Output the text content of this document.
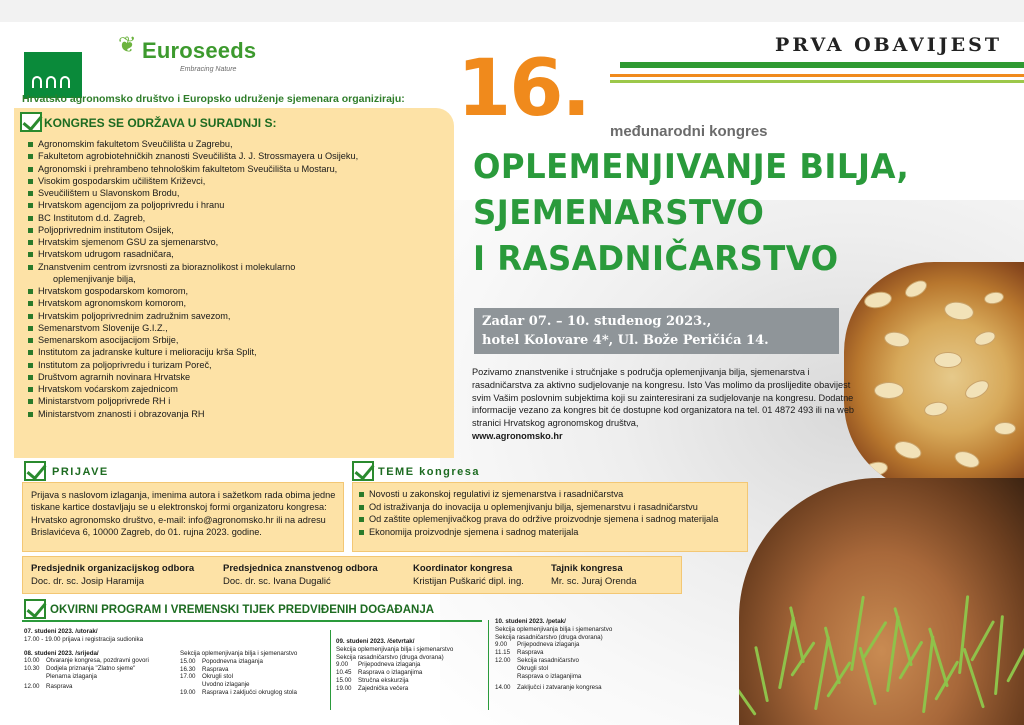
❦ Euroseeds
Embracing Nature
PRVA OBAVIJEST
Hrvatsko agronomsko društvo i Europsko udruženje sjemenara organiziraju:
KONGRES SE ODRŽAVA U SURADNJI S:
Agronomskim fakultetom Sveučilišta u Zagrebu,
Fakultetom agrobiotehničkih znanosti Sveučilišta J. J. Strossmayera u Osijeku,
Agronomski i prehrambeno tehnološkim fakultetom Sveučilišta u Mostaru,
Visokim gospodarskim učilištem Križevci,
Sveučilištem u Slavonskom Brodu,
Hrvatskom agencijom za poljoprivredu i hranu
BC Institutom d.d. Zagreb,
Poljoprivrednim institutom Osijek,
Hrvatskim sjemenom GSU za sjemenarstvo,
Hrvatskom udrugom rasadničara,
Znanstvenim centrom izvrsnosti za bioraznolikost i molekularno
oplemenjivanje bilja,
Hrvatskom gospodarskom komorom,
Hrvatskom agronomskom komorom,
Hrvatskim poljoprivrednim zadružnim savezom,
Semenarstvom Slovenije G.I.Z.,
Semenarskom asocijacijom Srbije,
Institutom za jadranske kulture i melioraciju krša Split,
Institutom za poljoprivredu i turizam Poreč,
Društvom agrarnih novinara Hrvatske
Hrvatskom voćarskom zajednicom
Ministarstvom poljoprivrede RH i
Ministarstvom znanosti i obrazovanja RH
16. međunarodni kongres
OPLEMENJIVANJE BILJA,
SJEMENARSTVO
I RASADNIČARSTVO
Zadar 07. – 10. studenog 2023.,
hotel Kolovare 4*, Ul. Bože Peričića 14.
Pozivamo znanstvenike i stručnjake s područja oplemenjivanja bilja, sjemenarstva i rasadničarstva za aktivno sudjelovanje na kongresu. Isto Vas molimo da proslijedite obavijest svim Vašim poslovnim subjektima koji su zainteresirani za sudjelovanje na kongresu. Dodatne informacije vezano za kongres bit će dostupne kod organizatora na tel. 01 4872 493 ili na web stranici Hrvatskog agronomskog društva,
www.agronomsko.hr
PRIJAVE

Prijava s naslovom izlaganja, imenima autora i sažetkom rada obima jedne tiskane kartice dostavljaju se u elektronskoj formi organizatoru kongresa: Hrvatsko agronomsko društvo, e-mail: info@agronomsko.hr ili na adresu Brislavićeva 6, 10000 Zagreb, do 01. rujna 2023. godine.

TEME kongresa
Novosti u zakonskoj regulativi iz sjemenarstva i rasadničarstva
Od istraživanja do inovacija u oplemenjivanju bilja, sjemenarstvu i rasadničarstvu
Od zaštite oplemenjivačkog prava do održive proizvodnje sjemena i sadnog materijala
Ekonomija proizvodnje sjemena i sadnog materijala
Predsjednik organizacijskog odbora
Doc. dr. sc. Josip Haramija
Predsjednica znanstvenog odbora
Doc. dr. sc. Ivana Dugalić
Koordinator kongresa
Kristijan Puškarić dipl. ing.
Tajnik kongresa
Mr. sc. Juraj Orenda
OKVIRNI PROGRAM I VREMENSKI TIJEK PREDVIĐENIH DOGAĐANJA
07. studeni 2023. /utorak/
17.00 - 19.00 prijava i registracija sudionika
08. studeni 2023. /srijeda/
10.00 Otvaranje kongresa, pozdravni govori
10.30 Dodjela priznanja "Zlatno sjeme"
Plenarna izlaganja
12.00 Rasprava
Sekcija oplemenjivanja bilja i sjemenarstvo
15.00 Popodnevna izlaganja
16.30 Rasprava
17.00 Okrugli stol
Uvodno izlaganje
19.00 Rasprava i zaključci okruglog stola
09. studeni 2023. /četvrtak/
Sekcija oplemenjivanja bilja i sjemenarstvo
Sekcija rasadničarstvo (druga dvorana)
9.00 Prijepodneva izlaganja
10.45 Rasprava o izlaganjima
15.00 Stručna ekskurzija
19.00 Zajednička večera
10. studeni 2023. /petak/
Sekcija oplemenjivanja bilja i sjemenarstvo
Sekcija rasadničarstvo (druga dvorana)
9.00 Prijepodneva izlaganja
11.15 Rasprava
12.00 Sekcija rasadničarstvo
Okrugli stol
Rasprava o izlaganjima
14.00 Zaključci i zatvaranje kongresa
